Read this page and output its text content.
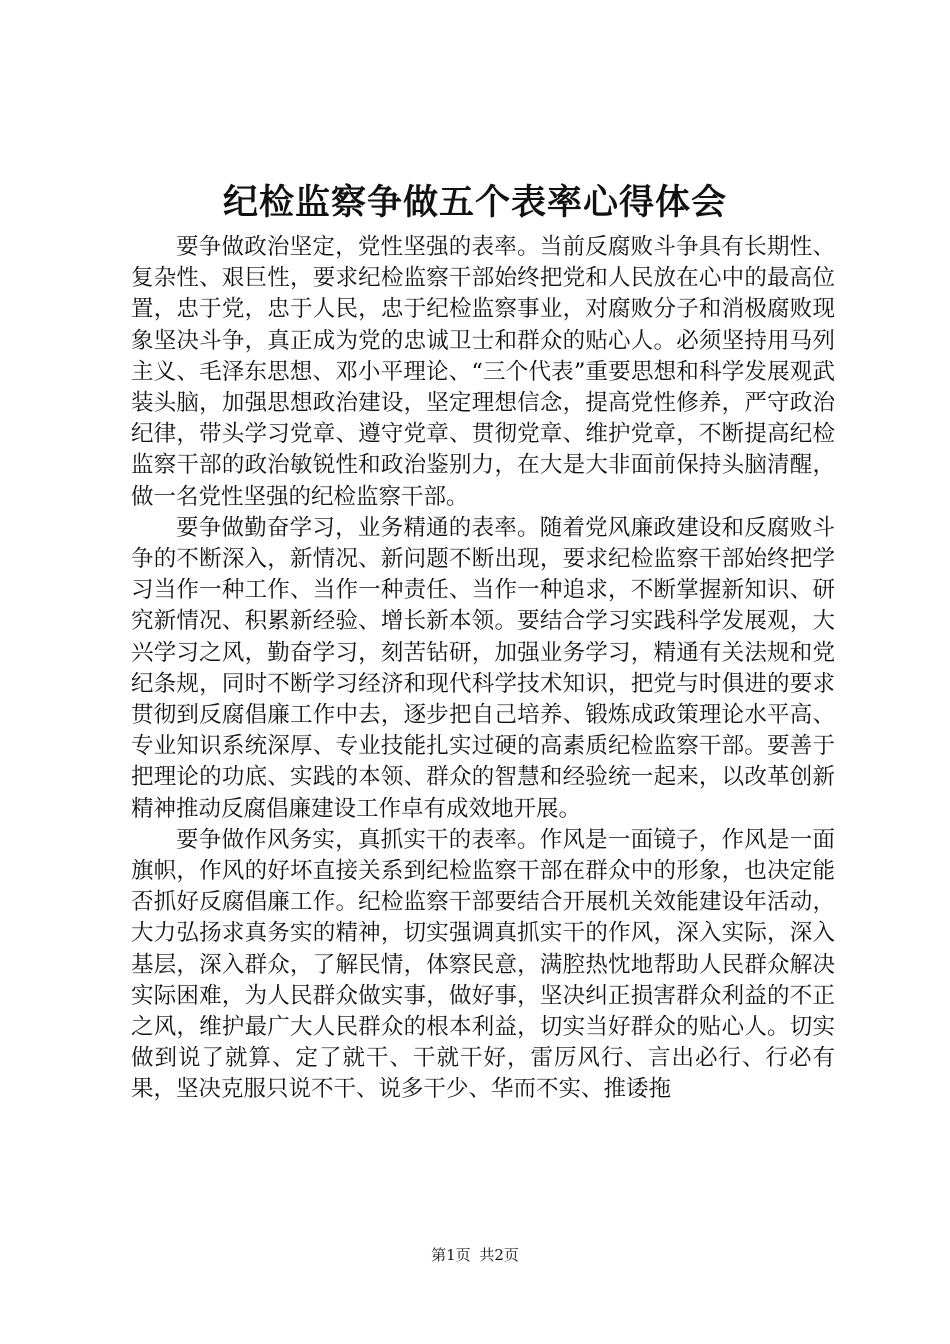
纪检监察争做五个表率心得体会

要争做政治坚定，党性坚强的表率。当前反腐败斗争具有长期性、复杂性、艰巨性，要求纪检监察干部始终把党和人民放在心中的最高位置，忠于党，忠于人民，忠于纪检监察事业，对腐败分子和消极腐败现象坚决斗争，真正成为党的忠诚卫士和群众的贴心人。必须坚持用马列主义、毛泽东思想、邓小平理论、“三个代表”重要思想和科学发展观武装头脑，加强思想政治建设，坚定理想信念，提高党性修养，严守政治纪律，带头学习党章、遵守党章、贯彻党章、维护党章，不断提高纪检监察干部的政治敏锐性和政治鉴别力，在大是大非面前保持头脑清醒，做一名党性坚强的纪检监察干部。

要争做勤奋学习，业务精通的表率。随着党风廉政建设和反腐败斗争的不断深入，新情况、新问题不断出现，要求纪检监察干部始终把学习当作一种工作、当作一种责任、当作一种追求，不断掌握新知识、研究新情况、积累新经验、增长新本领。要结合学习实践科学发展观，大兴学习之风，勤奋学习，刻苦钻研，加强业务学习，精通有关法规和党纪条规，同时不断学习经济和现代科学技术知识，把党与时俱进的要求贯彻到反腐倡廉工作中去，逐步把自己培养、锻炼成政策理论水平高、专业知识系统深厚、专业技能扎实过硬的高素质纪检监察干部。要善于把理论的功底、实践的本领、群众的智慧和经验统一起来，以改革创新精神推动反腐倡廉建设工作卓有成效地开展。

要争做作风务实，真抓实干的表率。作风是一面镜子，作风是一面旗帜，作风的好坏直接关系到纪检监察干部在群众中的形象，也决定能否抓好反腐倡廉工作。纪检监察干部要结合开展机关效能建设年活动，大力弘扬求真务实的精神，切实强调真抓实干的作风，深入实际，深入基层，深入群众，了解民情，体察民意，满腔热忱地帮助人民群众解决实际困难，为人民群众做实事，做好事，坚决纠正损害群众利益的不正之风，维护最广大人民群众的根本利益，切实当好群众的贴心人。切实做到说了就算、定了就干、干就干好，雷厉风行、言出必行、行必有果，坚决克服只说不干、说多干少、华而不实、推诿拖

第1页 共2页
